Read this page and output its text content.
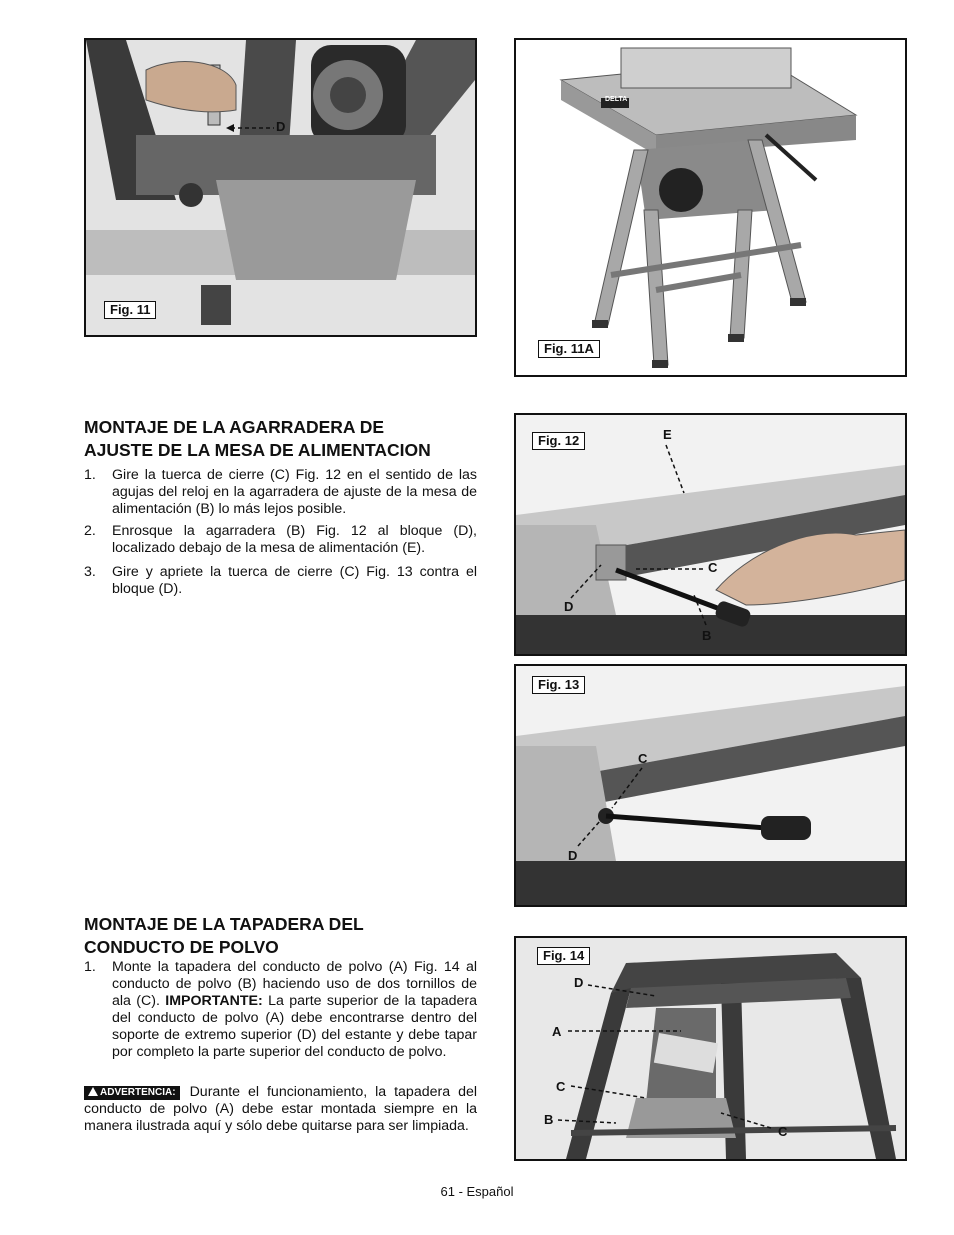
D
Fig. 11
DELTA
Fig. 11A
MONTAJE DE LA AGARRADERA DE
AJUSTE DE LA MESA DE ALIMENTACION
1. Gire la tuerca de cierre (C) Fig. 12 en el sentido de las agujas del reloj en la agarradera de ajuste de la mesa de alimentación (B) lo más lejos posible.
2. Enrosque la agarradera (B) Fig. 12 al bloque (D), localizado debajo de la mesa de alimentación (E).
3. Gire y apriete la tuerca de cierre (C) Fig. 13 contra el bloque (D).
Fig. 12	E
C
D
B
Fig. 13
C
D
MONTAJE DE LA TAPADERA DEL
CONDUCTO DE POLVO
1. Monte la tapadera del conducto de polvo (A) Fig. 14 al conducto de polvo (B) haciendo uso de dos tornillos de ala (C). IMPORTANTE: La parte superior de la tapadera del conducto de polvo (A) debe encontrarse dentro del soporte de extremo superior (D) del estante y debe tapar por completo la parte superior del conducto de polvo.
ADVERTENCIA: Durante el funcionamiento, la tapadera del conducto de polvo (A) debe estar montada siempre en la manera ilustrada aquí y sólo debe quitarse para ser limpiada.
Fig. 14
D
A
C
B
C
61 - Español
